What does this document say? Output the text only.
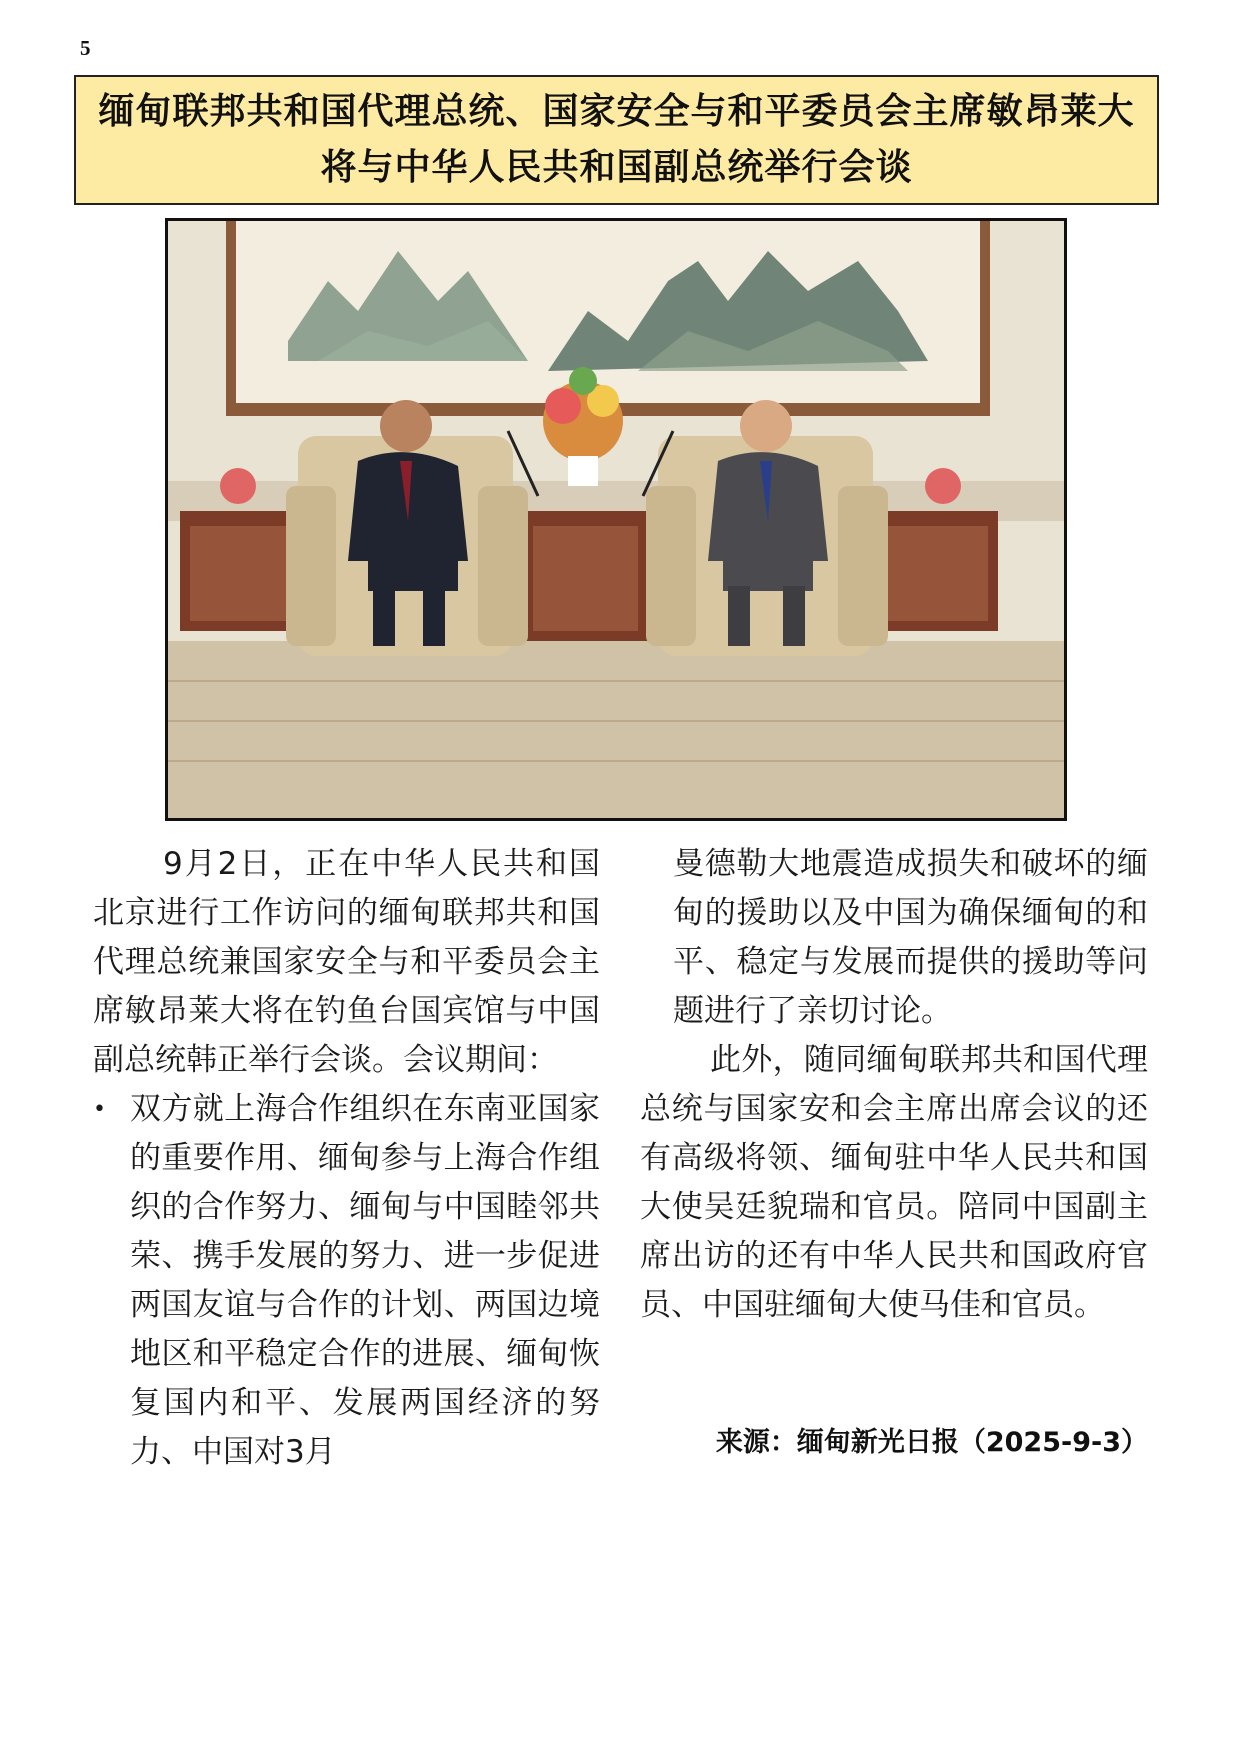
5
缅甸联邦共和国代理总统、国家安全与和平委员会主席敏昂莱大将与中华人民共和国副总统举行会谈

9月2日，正在中华人民共和国北京进行工作访问的缅甸联邦共和国代理总统兼国家安全与和平委员会主席敏昂莱大将在钓鱼台国宾馆与中国副总统韩正举行会谈。会议期间：

• 双方就上海合作组织在东南亚国家的重要作用、缅甸参与上海合作组织的合作努力、缅甸与中国睦邻共荣、携手发展的努力、进一步促进两国友谊与合作的计划、两国边境地区和平稳定合作的进展、缅甸恢复国内和平、发展两国经济的努力、中国对3月

曼德勒大地震造成损失和破坏的缅甸的援助以及中国为确保缅甸的和平、稳定与发展而提供的援助等问题进行了亲切讨论。

此外，随同缅甸联邦共和国代理总统与国家安和会主席出席会议的还有高级将领、缅甸驻中华人民共和国大使吴廷貌瑞和官员。陪同中国副主席出访的还有中华人民共和国政府官员、中国驻缅甸大使马佳和官员。

来源：缅甸新光日报（2025-9-3）
